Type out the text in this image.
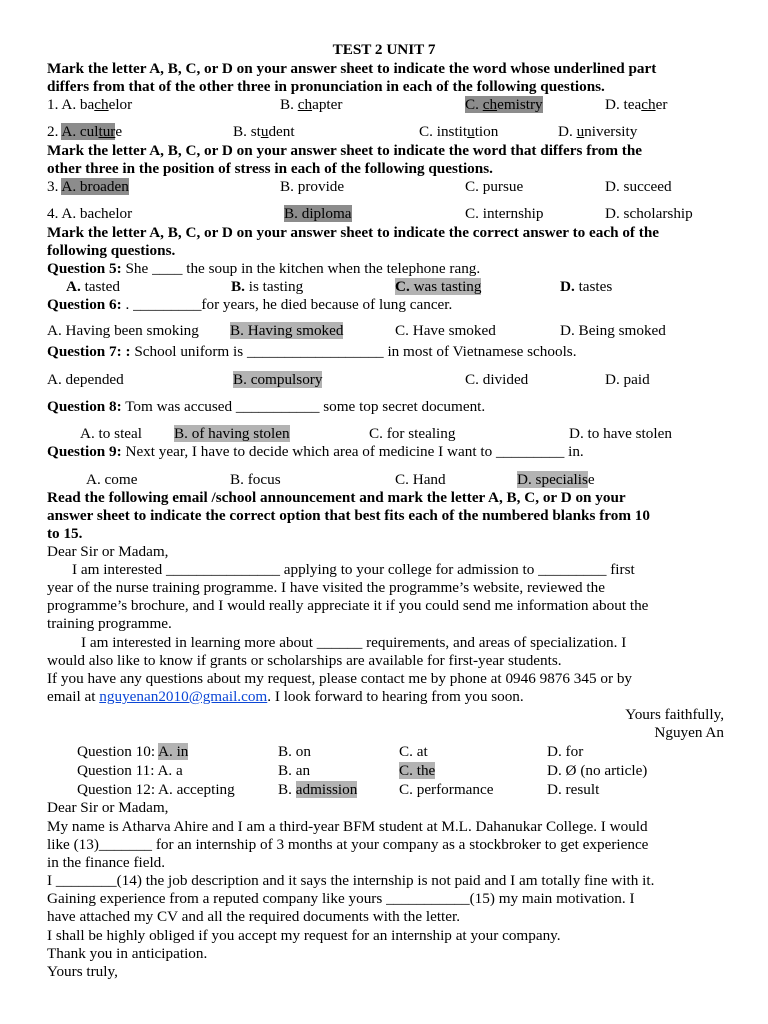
TEST 2 UNIT 7
Mark the letter A, B, C, or D on your answer sheet to indicate the word whose underlined part
differs from that of the other three in pronunciation in each of the following questions.
1. A. bachelor	B. chapter	C. chemistry	D. teacher
2. A. culture	B. student	C. institution	D. university
Mark the letter A, B, C, or D on your answer sheet to indicate the word that differs from the
other three in the position of stress in each of the following questions.
3. A. broaden	B. provide	C. pursue	D. succeed
4. A. bachelor	B. diploma	C. internship	D. scholarship
Mark the letter A, B, C, or D on your answer sheet to indicate the correct answer to each of the
following questions.
Question 5: She ____ the soup in the kitchen when the telephone rang.
A. tasted	B. is tasting	C. was tasting	D. tastes
Question 6: . _________for years, he died because of lung cancer.
A. Having been smoking B. Having smoked	C. Have smoked	D. Being smoked
Question 7: : School uniform is __________________ in most of Vietnamese schools.
A. depended	B. compulsory	C. divided	D. paid
Question 8: Tom was accused ___________ some top secret document.
A. to steal B. of having stolen	C. for stealing	D. to have stolen
Question 9: Next year, I have to decide which area of medicine I want to _________ in.
A. come	B. focus	C. Hand	D. specialise
Read the following email /school announcement and mark the letter A, B, C, or D on your
answer sheet to indicate the correct option that best fits each of the numbered blanks from 10
to 15.
Dear Sir or Madam,
I am interested _______________ applying to your college for admission to _________ first
year of the nurse training programme. I have visited the programme’s website, reviewed the
programme’s brochure, and I would really appreciate it if you could send me information about the
training programme.
I am interested in learning more about ______ requirements, and areas of specialization. I
would also like to know if grants or scholarships are available for first-year students.
If you have any questions about my request, please contact me by phone at 0946 9876 345 or by
email at nguyenan2010@gmail.com. I look forward to hearing from you soon.
Yours faithfully,
Nguyen An
Question 10: A. in	B. on	C. at	D. for
Question 11: A. a	B. an	C. the	D. Ø (no article)
Question 12: A. accepting	B. admission	C. performance	D. result
Dear Sir or Madam,
My name is Atharva Ahire and I am a third-year BFM student at M.L. Dahanukar College. I would
like (13)_______ for an internship of 3 months at your company as a stockbroker to get experience
in the finance field.
I ________(14) the job description and it says the internship is not paid and I am totally fine with it.
Gaining experience from a reputed company like yours ___________(15) my main motivation. I
have attached my CV and all the required documents with the letter.
I shall be highly obliged if you accept my request for an internship at your company.
Thank you in anticipation.
Yours truly,
